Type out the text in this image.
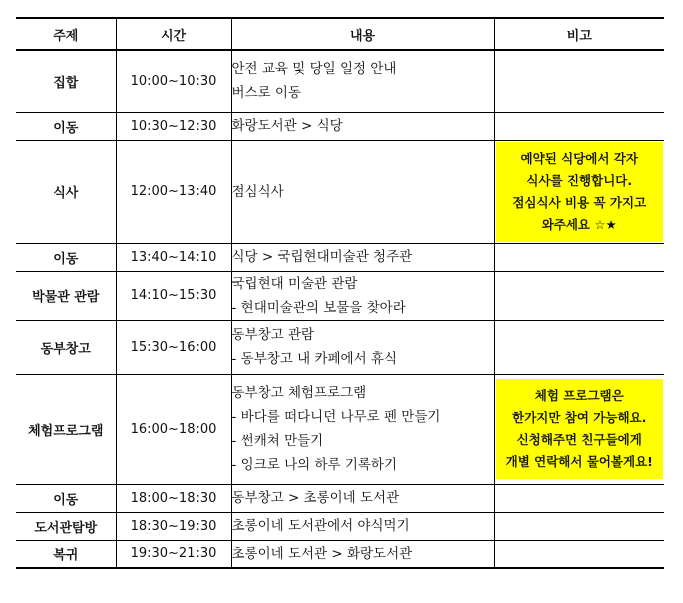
주제	시간	내용	비고
집합	10:00~10:30	안전 교육 및 당일 일정 안내
버스로 이동	

이동	10:30~12:30	화랑도서관 > 식당	

식사	12:00~13:40	점심식사	예약된 식당에서 각자
식사를 진행합니다.
점심식사 비용 꼭 가지고
와주세요 ☆★

이동	13:40~14:10	식당 > 국립현대미술관 청주관	

박물관 관람	14:10~15:30	국립현대 미술관 관람
- 현대미술관의 보물을 찾아라	

동부창고	15:30~16:00	동부창고 관람
- 동부창고 내 카페에서 휴식	

체험프로그램	16:00~18:00	동부창고 체험프로그램
- 바다를 떠다니던 나무로 펜 만들기
- 썬캐쳐 만들기
- 잉크로 나의 하루 기록하기	체험 프로그램은
한가지만 참여 가능해요.
신청해주면 친구들에게
개별 연락해서 물어볼게요!

이동	18:00~18:30	동부창고 > 초롱이네 도서관	

도서관탐방	18:30~19:30	초롱이네 도서관에서 야식먹기	

복귀	19:30~21:30	초롱이네 도서관 > 화랑도서관	
